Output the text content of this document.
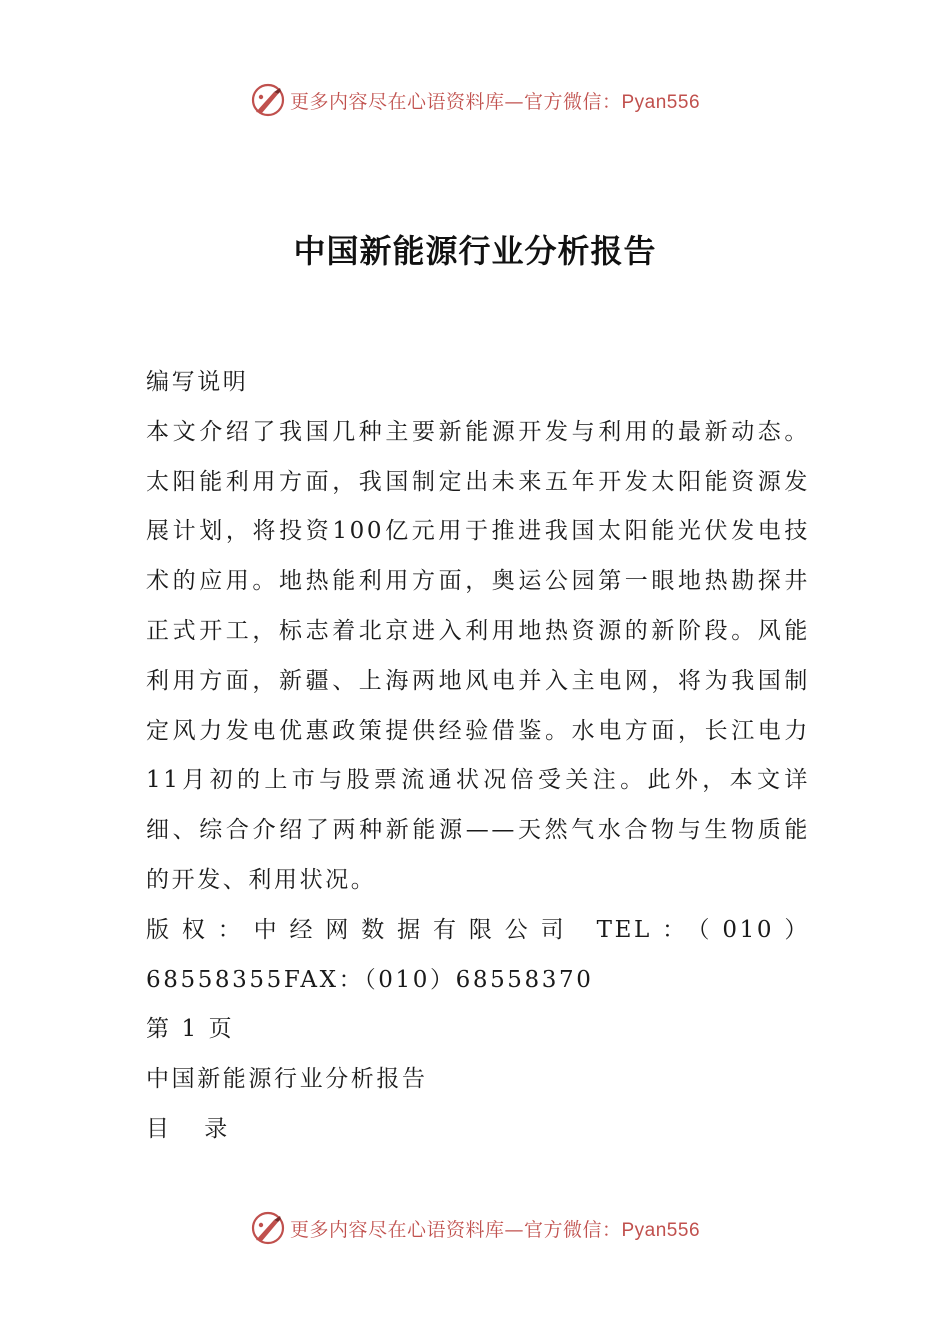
更多内容尽在心语资料库—官方微信：Pyan556
中国新能源行业分析报告

编写说明

本文介绍了我国几种主要新能源开发与利用的最新动态。太阳能利用方面，我国制定出未来五年开发太阳能资源发展计划，将投资100亿元用于推进我国太阳能光伏发电技术的应用。地热能利用方面，奥运公园第一眼地热勘探井正式开工，标志着北京进入利用地热资源的新阶段。风能利用方面，新疆、上海两地风电并入主电网，将为我国制定风力发电优惠政策提供经验借鉴。水电方面，长江电力11月初的上市与股票流通状况倍受关注。此外，本文详细、综合介绍了两种新能源——天然气水合物与生物质能的开发、利用状况。

版权：中经网数据有限公司 TEL：（010）68558355FAX：（010）68558370

第 1 页

中国新能源行业分析报告

目 录

更多内容尽在心语资料库—官方微信：Pyan556
